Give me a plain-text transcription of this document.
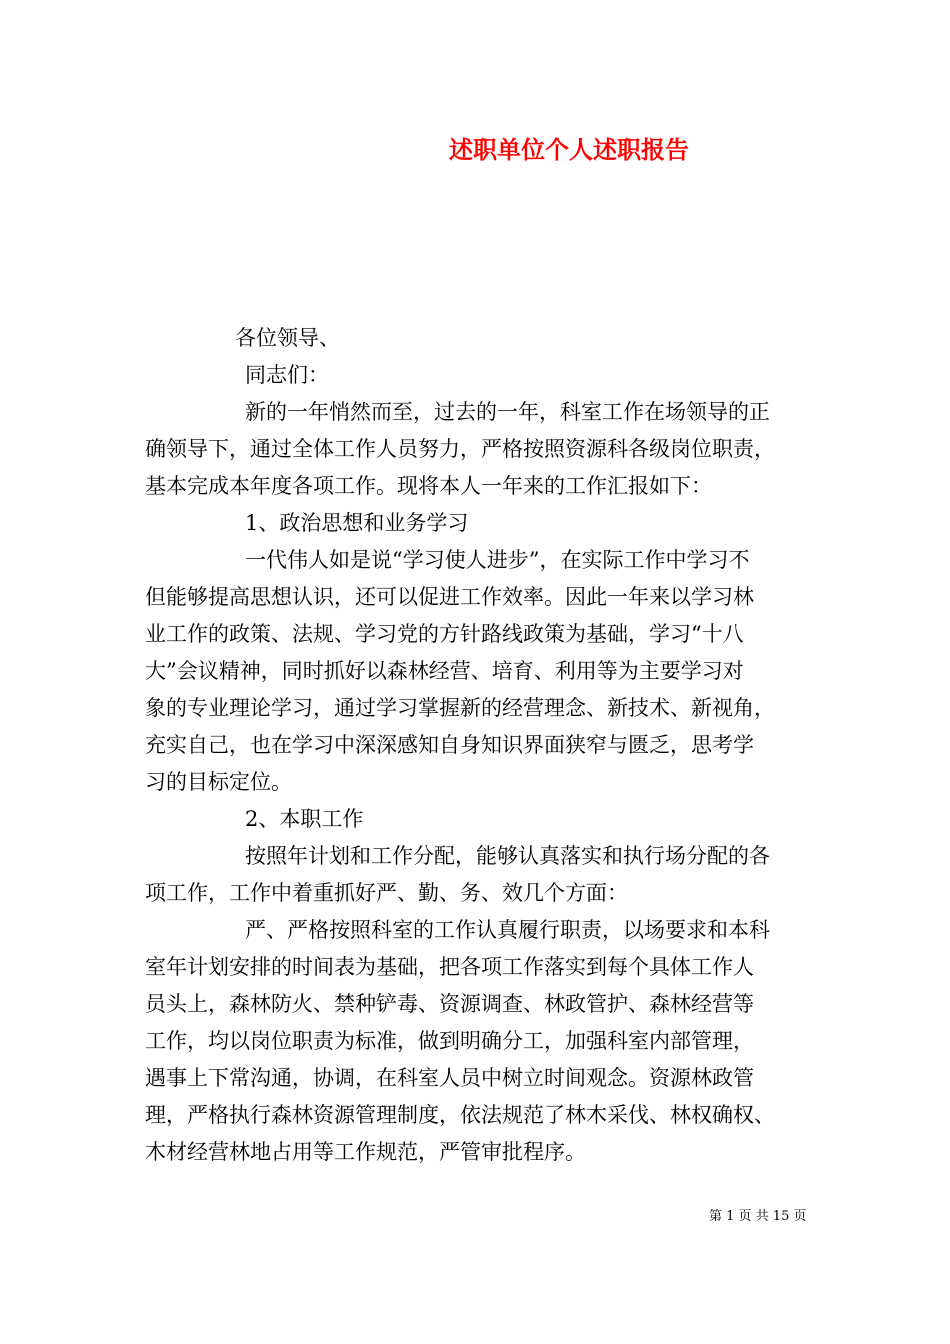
述职单位个人述职报告
各位领导、
同志们：
新的一年悄然而至，过去的一年，科室工作在场领导的正
确领导下，通过全体工作人员努力，严格按照资源科各级岗位职责，
基本完成本年度各项工作。现将本人一年来的工作汇报如下：
1、政治思想和业务学习
一代伟人如是说“学习使人进步”，在实际工作中学习不
但能够提高思想认识，还可以促进工作效率。因此一年来以学习林
业工作的政策、法规、学习党的方针路线政策为基础，学习“十八
大”会议精神，同时抓好以森林经营、培育、利用等为主要学习对
象的专业理论学习，通过学习掌握新的经营理念、新技术、新视角，
充实自己，也在学习中深深感知自身知识界面狭窄与匮乏，思考学
习的目标定位。
2、本职工作
按照年计划和工作分配，能够认真落实和执行场分配的各
项工作，工作中着重抓好严、勤、务、效几个方面：
严、严格按照科室的工作认真履行职责，以场要求和本科
室年计划安排的时间表为基础，把各项工作落实到每个具体工作人
员头上，森林防火、禁种铲毒、资源调查、林政管护、森林经营等
工作，均以岗位职责为标准，做到明确分工，加强科室内部管理，
遇事上下常沟通，协调，在科室人员中树立时间观念。资源林政管
理，严格执行森林资源管理制度，依法规范了林木采伐、林权确权、
木材经营林地占用等工作规范，严管审批程序。
第 1 页 共 15 页
